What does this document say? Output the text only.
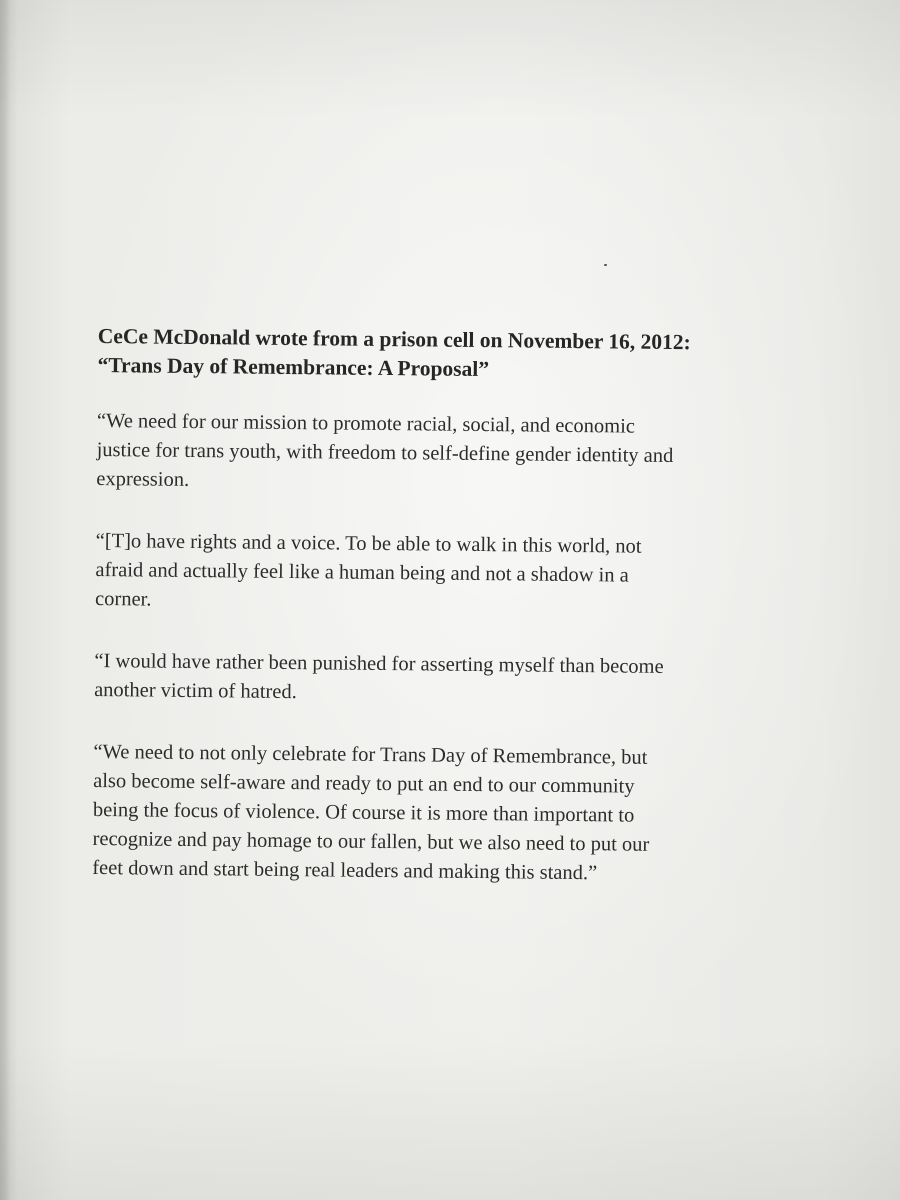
CeCe McDonald wrote from a prison cell on November 16, 2012:
“Trans Day of Remembrance: A Proposal”
“We need for our mission to promote racial, social, and economic
justice for trans youth, with freedom to self-define gender identity and
expression.
“[T]o have rights and a voice. To be able to walk in this world, not
afraid and actually feel like a human being and not a shadow in a
corner.
“I would have rather been punished for asserting myself than become
another victim of hatred.
“We need to not only celebrate for Trans Day of Remembrance, but
also become self-aware and ready to put an end to our community
being the focus of violence. Of course it is more than important to
recognize and pay homage to our fallen, but we also need to put our
feet down and start being real leaders and making this stand.”
